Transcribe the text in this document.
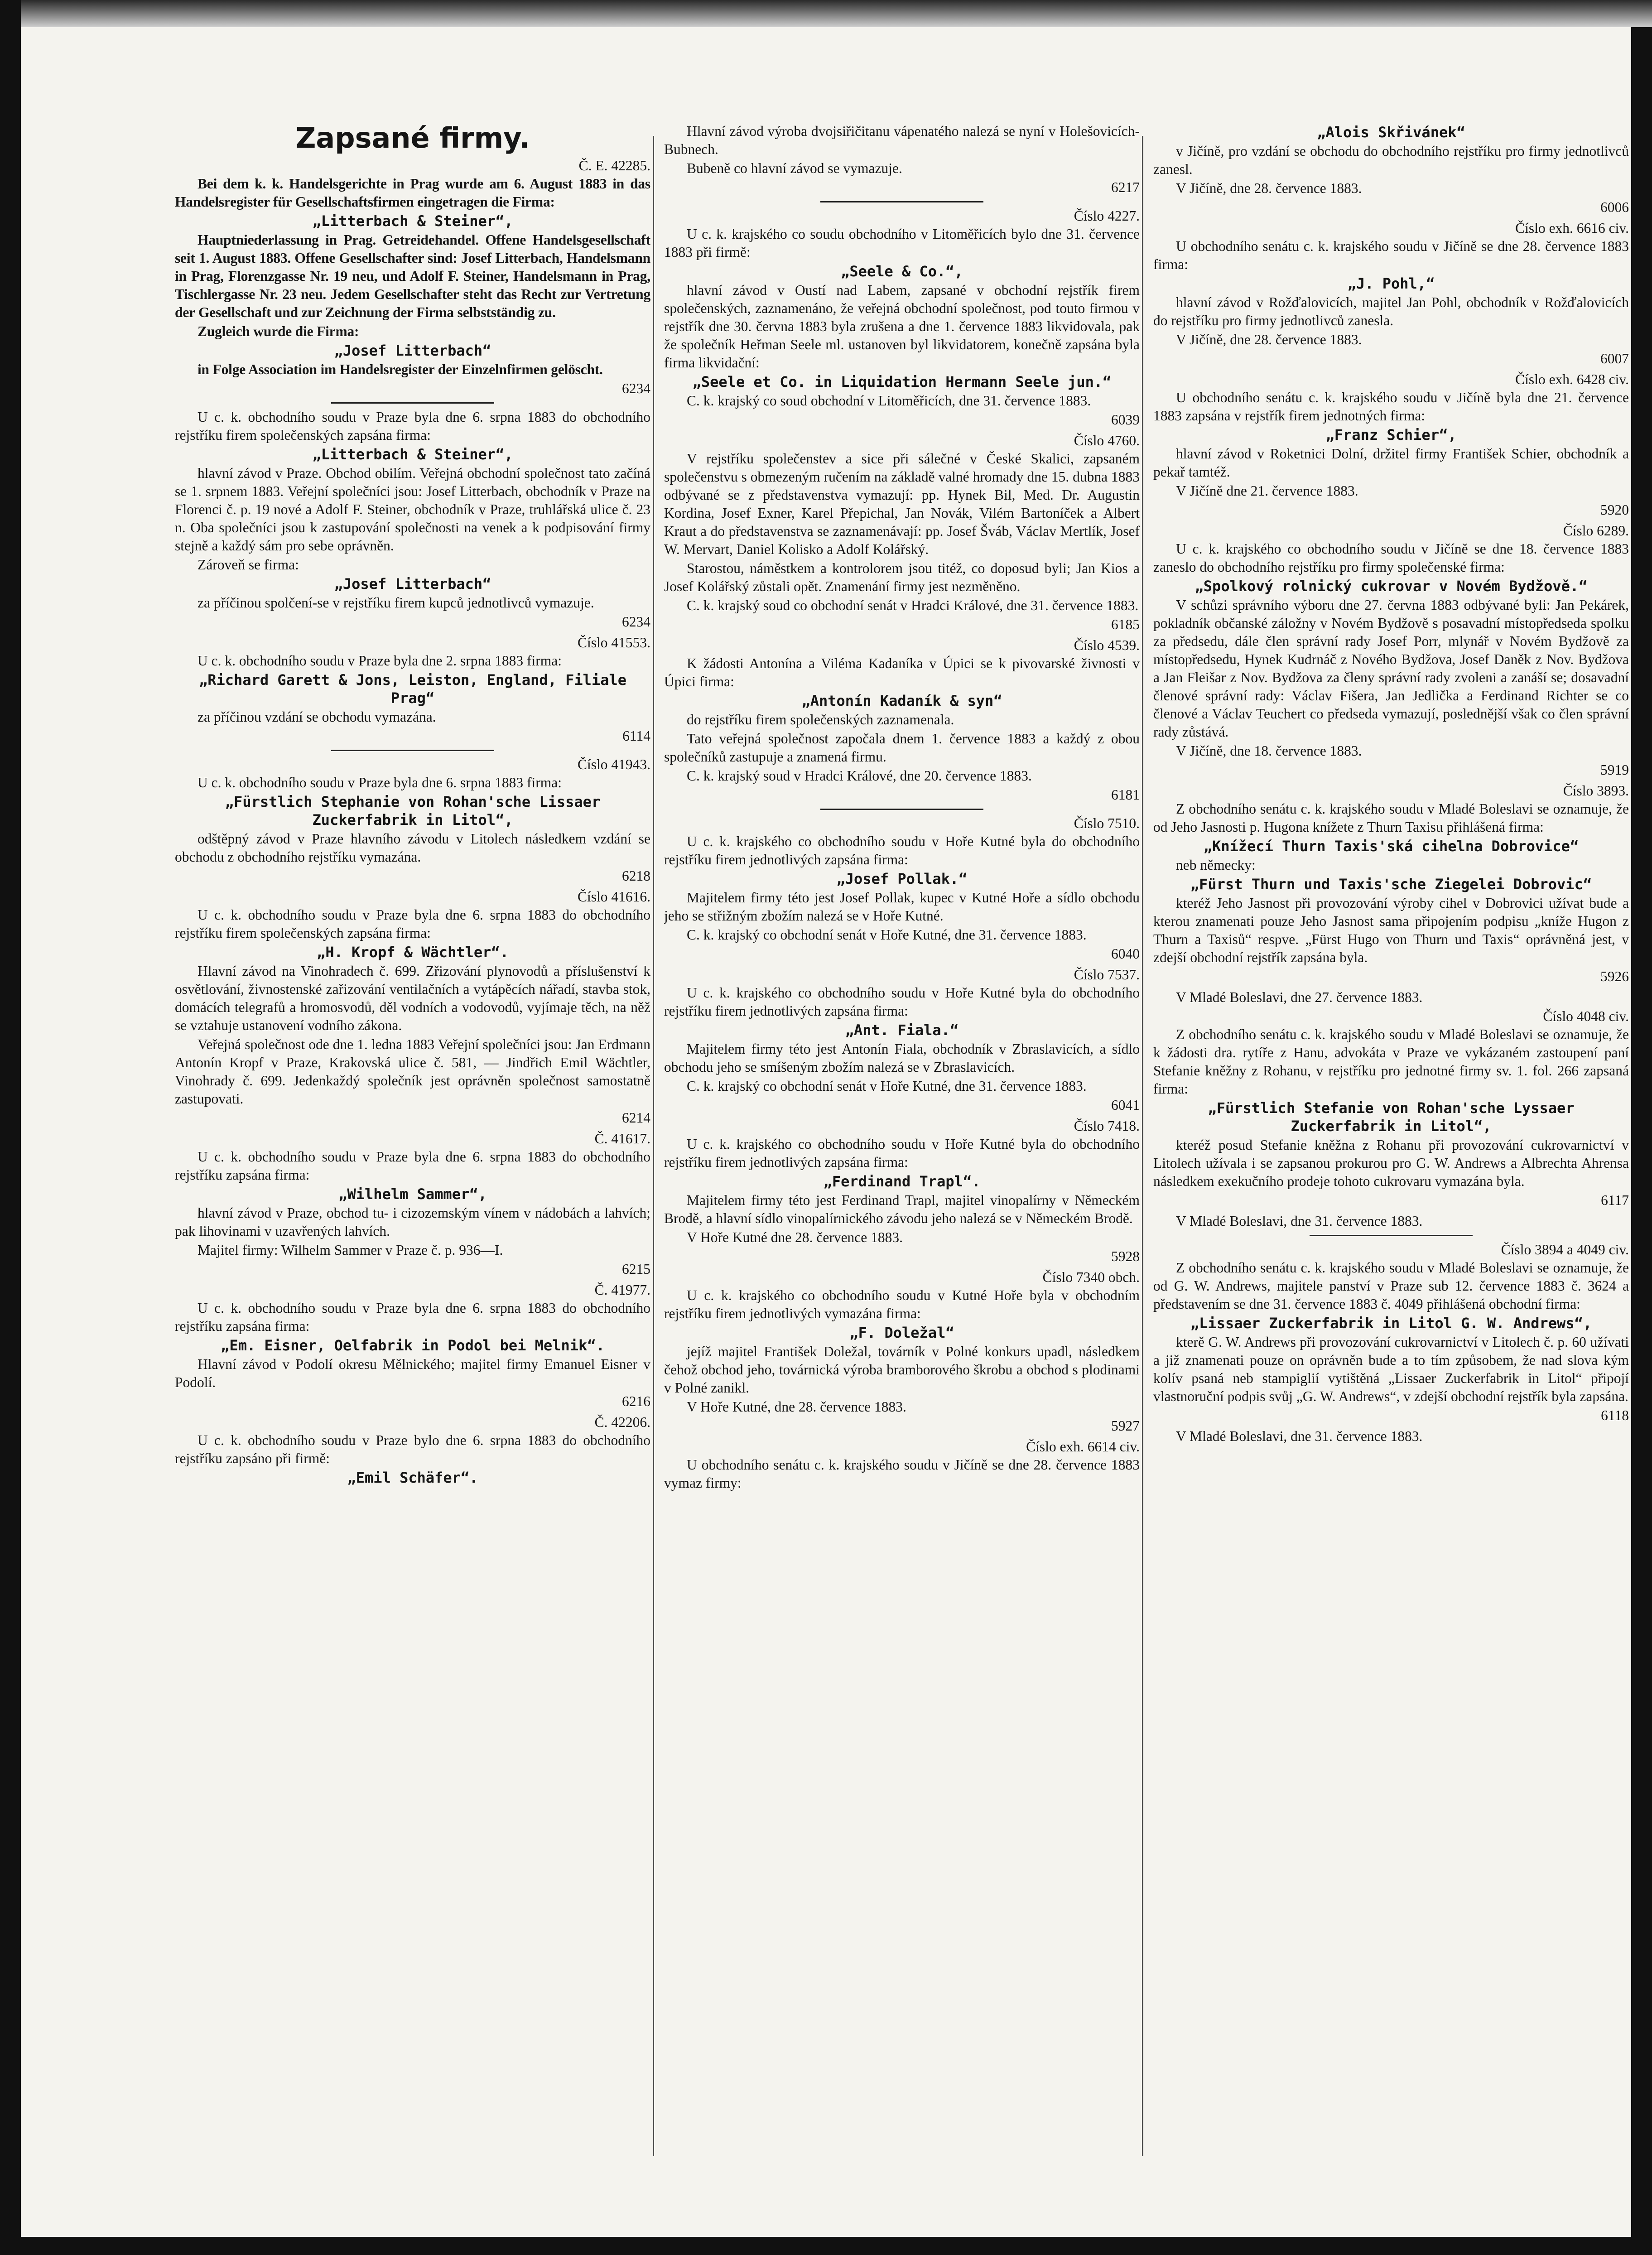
Zapsané firmy.
Č. E. 42285.

Bei dem k. k. Handelsgerichte in Prag wurde am 6. August 1883 in das Handelsregister für Gesellschaftsfirmen eingetragen die Firma:

„Litterbach & Steiner“,

Hauptniederlassung in Prag. Getreidehandel. Offene Handelsgesellschaft seit 1. August 1883. Offene Gesellschafter sind: Josef Litterbach, Handelsmann in Prag, Florenzgasse Nr. 19 neu, und Adolf F. Steiner, Handelsmann in Prag, Tischlergasse Nr. 23 neu. Jedem Gesellschafter steht das Recht zur Vertretung der Gesellschaft und zur Zeichnung der Firma selbstständig zu.

Zugleich wurde die Firma:

„Josef Litterbach“

in Folge Association im Handelsregister der Einzelnfirmen gelöscht.

6234

U c. k. obchodního soudu v Praze byla dne 6. srpna 1883 do obchodního rejstříku firem společenských zapsána firma:

„Litterbach & Steiner“,

hlavní závod v Praze. Obchod obilím. Veřejná obchodní společnost tato začíná se 1. srpnem 1883. Veřejní společníci jsou: Josef Litterbach, obchodník v Praze na Florenci č. p. 19 nové a Adolf F. Steiner, obchodník v Praze, truhlářská ulice č. 23 n. Oba společníci jsou k zastupování společnosti na venek a k podpisování firmy stejně a každý sám pro sebe oprávněn.

Zároveň se firma:

„Josef Litterbach“

za příčinou spolčení-se v rejstříku firem kupců jednotlivců vymazuje.

6234
Číslo 41553.

U c. k. obchodního soudu v Praze byla dne 2. srpna 1883 firma:

„Richard Garett & Jons, Leiston, England, Filiale Prag“

za příčinou vzdání se obchodu vymazána.

6114
Číslo 41943.

U c. k. obchodního soudu v Praze byla dne 6. srpna 1883 firma:

„Fürstlich Stephanie von Rohan'sche Lissaer Zuckerfabrik in Litol“,

odštěpný závod v Praze hlavního závodu v Litolech následkem vzdání se obchodu z obchodního rejstříku vymazána.

6218
Číslo 41616.

U c. k. obchodního soudu v Praze byla dne 6. srpna 1883 do obchodního rejstříku firem společenských zapsána firma:

„H. Kropf & Wächtler“.

Hlavní závod na Vinohradech č. 699. Zřizování plynovodů a příslušenství k osvětlování, živnostenské zařizování ventilačních a vytápěcích nářadí, stavba stok, domácích telegrafů a hromosvodů, děl vodních a vodovodů, vyjímaje těch, na něž se vztahuje ustanovení vodního zákona.

Veřejná společnost ode dne 1. ledna 1883 Veřejní společníci jsou: Jan Erdmann Antonín Kropf v Praze, Krakovská ulice č. 581, — Jindřich Emil Wächtler, Vinohrady č. 699. Jedenkaždý společník jest oprávněn společnost samostatně zastupovati.

6214
Č. 41617.

U c. k. obchodního soudu v Praze byla dne 6. srpna 1883 do obchodního rejstříku zapsána firma:

„Wilhelm Sammer“,

hlavní závod v Praze, obchod tu- i cizozemským vínem v nádobách a lahvích; pak lihovinami v uzavřených lahvích.

Majitel firmy: Wilhelm Sammer v Praze č. p. 936—I.

6215
Č. 41977.

U c. k. obchodního soudu v Praze byla dne 6. srpna 1883 do obchodního rejstříku zapsána firma:

„Em. Eisner, Oelfabrik in Podol bei Melnik“.

Hlavní závod v Podolí okresu Mělnického; majitel firmy Emanuel Eisner v Podolí.

6216
Č. 42206.

U c. k. obchodního soudu v Praze bylo dne 6. srpna 1883 do obchodního rejstříku zapsáno při firmě:

„Emil Schäfer“.

Hlavní závod výroba dvojsiřičitanu vápenatého nalezá se nyní v Holešovicích-Bubnech.

Bubeně co hlavní závod se vymazuje.

6217
Číslo 4227.

U c. k. krajského co soudu obchodního v Litoměřicích bylo dne 31. července 1883 při firmě:

„Seele & Co.“,

hlavní závod v Oustí nad Labem, zapsané v obchodní rejstřík firem společenských, zaznamenáno, že veřejná obchodní společnost, pod touto firmou v rejstřík dne 30. června 1883 byla zrušena a dne 1. července 1883 likvidovala, pak že společník Heřman Seele ml. ustanoven byl likvidatorem, konečně zapsána byla firma likvidační:

„Seele et Co. in Liquidation Hermann Seele jun.“

C. k. krajský co soud obchodní v Litoměřicích, dne 31. července 1883.

6039
Číslo 4760.

V rejstříku společenstev a sice při sálečné v České Skalici, zapsaném společenstvu s obmezeným ručením na základě valné hromady dne 15. dubna 1883 odbývané se z představenstva vymazují: pp. Hynek Bil, Med. Dr. Augustin Kordina, Josef Exner, Karel Přepichal, Jan Novák, Vilém Bartoníček a Albert Kraut a do představenstva se zaznamenávají: pp. Josef Šváb, Václav Mertlík, Josef W. Mervart, Daniel Kolisko a Adolf Kolářský.

Starostou, náměstkem a kontrolorem jsou titéž, co doposud byli; Jan Kios a Josef Kolářský zůstali opět. Znamenání firmy jest nezměněno.

C. k. krajský soud co obchodní senát v Hradci Králové, dne 31. července 1883.

6185
Číslo 4539.

K žádosti Antonína a Viléma Kadaníka v Úpici se k pivovarské živnosti v Úpici firma:

„Antonín Kadaník & syn“

do rejstříku firem společenských zaznamenala.

Tato veřejná společnost započala dnem 1. července 1883 a každý z obou společníků zastupuje a znamená firmu.

C. k. krajský soud v Hradci Králové, dne 20. července 1883.

6181
Číslo 7510.

U c. k. krajského co obchodního soudu v Hoře Kutné byla do obchodního rejstříku firem jednotlivých zapsána firma:

„Josef Pollak.“

Majitelem firmy této jest Josef Pollak, kupec v Kutné Hoře a sídlo obchodu jeho se střižným zbožím nalezá se v Hoře Kutné.

C. k. krajský co obchodní senát v Hoře Kutné, dne 31. července 1883.

6040
Číslo 7537.

U c. k. krajského co obchodního soudu v Hoře Kutné byla do obchodního rejstříku firem jednotlivých zapsána firma:

„Ant. Fiala.“

Majitelem firmy této jest Antonín Fiala, obchodník v Zbraslavicích, a sídlo obchodu jeho se smíšeným zbožím nalezá se v Zbraslavicích.

C. k. krajský co obchodní senát v Hoře Kutné, dne 31. července 1883.

6041
Číslo 7418.

U c. k. krajského co obchodního soudu v Hoře Kutné byla do obchodního rejstříku firem jednotlivých zapsána firma:

„Ferdinand Trapl“.

Majitelem firmy této jest Ferdinand Trapl, majitel vinopalírny v Německém Brodě, a hlavní sídlo vinopalírnického závodu jeho nalezá se v Německém Brodě.

V Hoře Kutné dne 28. července 1883.

5928
Číslo 7340 obch.

U c. k. krajského co obchodního soudu v Kutné Hoře byla v obchodním rejstříku firem jednotlivých vymazána firma:

„F. Doležal“

jejíž majitel František Doležal, továrník v Polné konkurs upadl, následkem čehož obchod jeho, továrnická výroba bramborového škrobu a obchod s plodinami v Polné zanikl.

V Hoře Kutné, dne 28. července 1883.

5927
Číslo exh. 6614 civ.

U obchodního senátu c. k. krajského soudu v Jičíně se dne 28. července 1883 vymaz firmy:

„Alois Skřivánek“

v Jičíně, pro vzdání se obchodu do obchodního rejstříku pro firmy jednotlivců zanesl.

V Jičíně, dne 28. července 1883.

6006
Číslo exh. 6616 civ.

U obchodního senátu c. k. krajského soudu v Jičíně se dne 28. července 1883 firma:

„J. Pohl,“

hlavní závod v Rožďalovicích, majitel Jan Pohl, obchodník v Rožďalovicích do rejstříku pro firmy jednotlivců zanesla.

V Jičíně, dne 28. července 1883.

6007
Číslo exh. 6428 civ.

U obchodního senátu c. k. krajského soudu v Jičíně byla dne 21. července 1883 zapsána v rejstřík firem jednotných firma:

„Franz Schier“,

hlavní závod v Roketnici Dolní, držitel firmy František Schier, obchodník a pekař tamtéž.

V Jičíně dne 21. července 1883.

5920
Číslo 6289.

U c. k. krajského co obchodního soudu v Jičíně se dne 18. července 1883 zaneslo do obchodního rejstříku pro firmy společenské firma:

„Spolkový rolnický cukrovar v Novém Bydžově.“

V schůzi správního výboru dne 27. června 1883 odbývané byli: Jan Pekárek, pokladník občanské záložny v Novém Bydžově s posavadní místopředseda spolku za předsedu, dále člen správní rady Josef Porr, mlynář v Novém Bydžově za místopředsedu, Hynek Kudrnáč z Nového Bydžova, Josef Daněk z Nov. Bydžova a Jan Fleišar z Nov. Bydžova za členy správní rady zvoleni a zanáší se; dosavadní členové správní rady: Václav Fišera, Jan Jedlička a Ferdinand Richter se co členové a Václav Teuchert co předseda vymazují, poslednější však co člen správní rady zůstává.

V Jičíně, dne 18. července 1883.

5919
Číslo 3893.

Z obchodního senátu c. k. krajského soudu v Mladé Boleslavi se oznamuje, že od Jeho Jasnosti p. Hugona knížete z Thurn Taxisu přihlášená firma:

„Knížecí Thurn Taxis'ská cihelna Dobrovice“

neb německy:

„Fürst Thurn und Taxis'sche Ziegelei Dobrovic“

kteréž Jeho Jasnost při provozování výroby cihel v Dobrovici užívat bude a kterou znamenati pouze Jeho Jasnost sama připojením podpisu „kníže Hugon z Thurn a Taxisů“ respve. „Fürst Hugo von Thurn und Taxis“ oprávněná jest, v zdejší obchodní rejstřík zapsána byla.

5926

V Mladé Boleslavi, dne 27. července 1883.

Číslo 4048 civ.

Z obchodního senátu c. k. krajského soudu v Mladé Boleslavi se oznamuje, že k žádosti dra. rytíře z Hanu, advokáta v Praze ve vykázaném zastoupení paní Stefanie kněžny z Rohanu, v rejstříku pro jednotné firmy sv. 1. fol. 266 zapsaná firma:

„Fürstlich Stefanie von Rohan'sche Lyssaer Zuckerfabrik in Litol“,

kteréž posud Stefanie kněžna z Rohanu při provozování cukrovarnictví v Litolech užívala i se zapsanou prokurou pro G. W. Andrews a Albrechta Ahrensa následkem exekučního prodeje tohoto cukrovaru vymazána byla.

6117

V Mladé Boleslavi, dne 31. července 1883.

Číslo 3894 a 4049 civ.

Z obchodního senátu c. k. krajského soudu v Mladé Boleslavi se oznamuje, že od G. W. Andrews, majitele panství v Praze sub 12. července 1883 č. 3624 a představením se dne 31. července 1883 č. 4049 přihlášená obchodní firma:

„Lissaer Zuckerfabrik in Litol G. W. Andrews“,

kterě G. W. Andrews při provozování cukrovarnictví v Litolech č. p. 60 užívati a již znamenati pouze on oprávněn bude a to tím způsobem, že nad slova kým kolív psaná neb stampiglií vytištěná „Lissaer Zuckerfabrik in Litol“ připojí vlastnoruční podpis svůj „G. W. Andrews“, v zdejší obchodní rejstřík byla zapsána.

6118

V Mladé Boleslavi, dne 31. července 1883.
